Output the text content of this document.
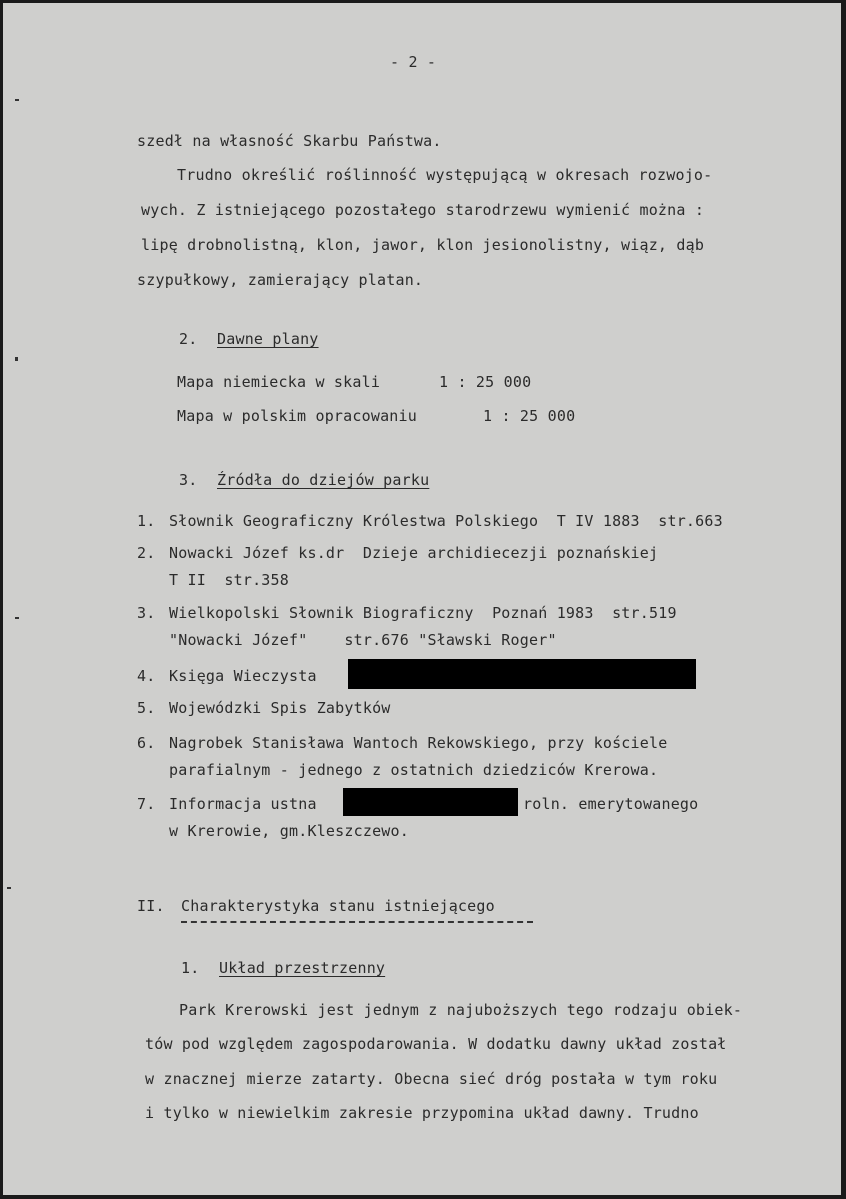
- 2 -
szedł na własność Skarbu Państwa.
Trudno określić roślinność występującą w okresach rozwojo-
wych. Z istniejącego pozostałego starodrzewu wymienić można :
lipę drobnolistną, klon, jawor, klon jesionolistny, wiąz, dąb
szypułkowy, zamierający platan.
2. Dawne plany
Mapa niemiecka w skali	1 : 25 000
Mapa w polskim opracowaniu	1 : 25 000
3. Źródła do dziejów parku
1. Słownik Geograficzny Królestwa Polskiego  T IV 1883  str.663
2. Nowacki Józef ks.dr  Dzieje archidiecezji poznańskiej
T II  str.358
3. Wielkopolski Słownik Biograficzny  Poznań 1983  str.519
"Nowacki Józef"    str.676 "Sławski Roger"
4. Księga Wieczysta
5. Wojewódzki Spis Zabytków
6. Nagrobek Stanisława Wantoch Rekowskiego, przy kościele
parafialnym - jednego z ostatnich dziedziców Krerowa.
7. Informacja ustna	roln. emerytowanego
w Krerowie, gm.Kleszczewo.
II. Charakterystyka stanu istniejącego
1. Układ przestrzenny
Park Krerowski jest jednym z najuboższych tego rodzaju obiek-
tów pod względem zagospodarowania. W dodatku dawny układ został
w znacznej mierze zatarty. Obecna sieć dróg postała w tym roku
i tylko w niewielkim zakresie przypomina układ dawny. Trudno
